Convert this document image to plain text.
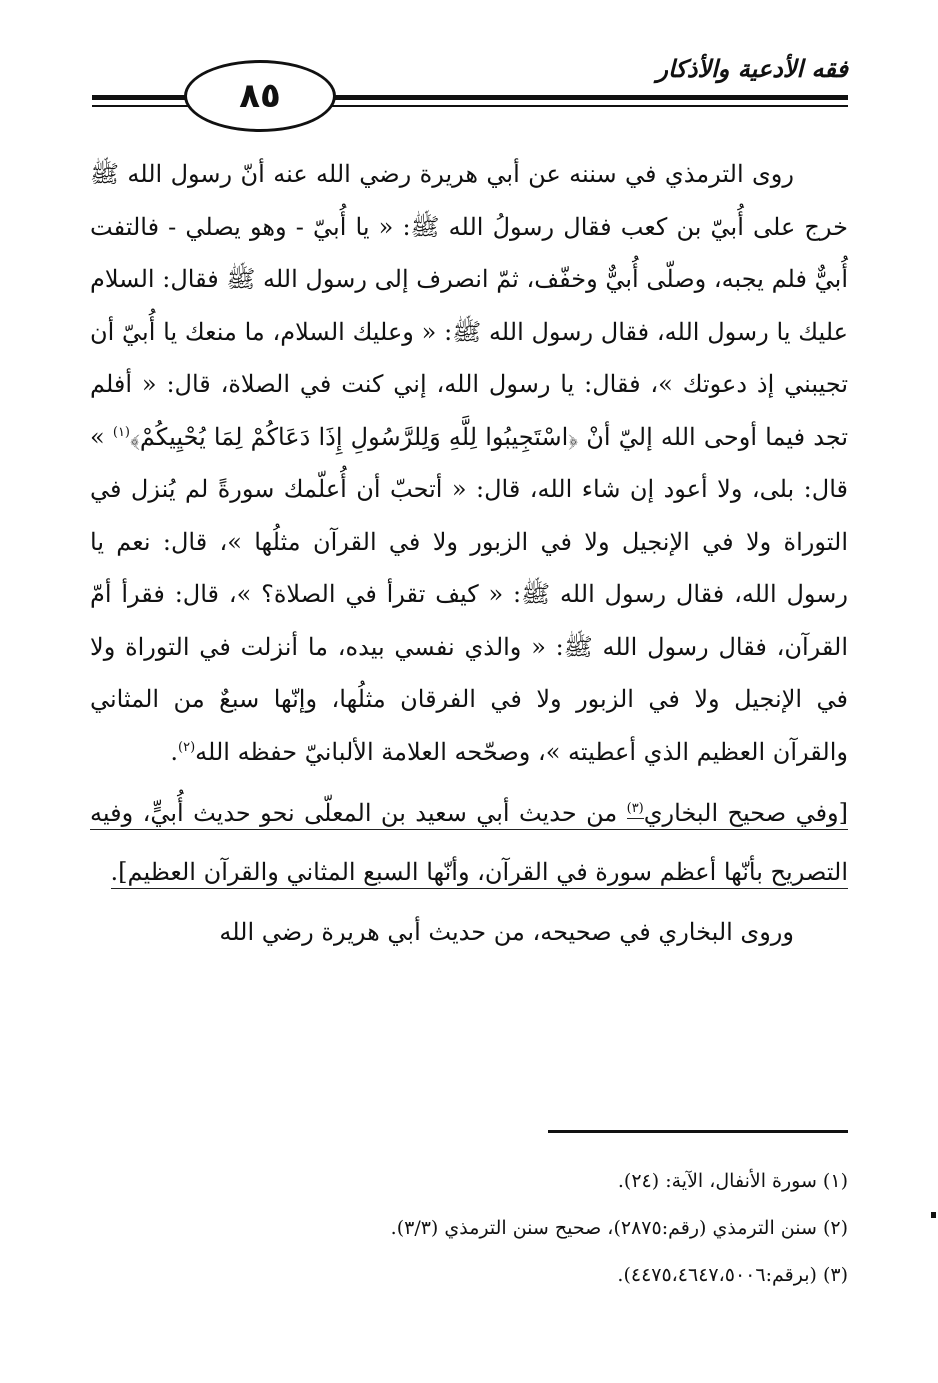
فقه الأدعية والأذكار
٨٥

روى الترمذي في سننه عن أبي هريرة رضي الله عنه أنّ رسول الله ﷺ خرج على أُبيّ بن كعب فقال رسولُ الله ﷺ: « يا أُبيّ - وهو يصلي - فالتفت أُبيٌّ فلم يجبه، وصلّى أُبيٌّ وخفّف، ثمّ انصرف إلى رسول الله ﷺ فقال: السلام عليك يا رسول الله، فقال رسول الله ﷺ: « وعليك السلام، ما منعك يا أُبيّ أن تجيبني إذ دعوتك »، فقال: يا رسول الله، إني كنت في الصلاة، قال: « أفلم تجد فيما أوحى الله إليّ أنْ ﴿اسْتَجِيبُوا لِلَّهِ وَلِلرَّسُولِ إِذَا دَعَاكُمْ لِمَا يُحْيِيكُمْ﴾$^{(١)}$ » قال: بلى، ولا أعود إن شاء الله، قال: « أتحبّ أن أُعلّمك سورةً لم يُنزل في التوراة ولا في الإنجيل ولا في الزبور ولا في القرآن مثلُها »، قال: نعم يا رسول الله، فقال رسول الله ﷺ: « كيف تقرأ في الصلاة؟ »، قال: فقرأ أمّ القرآن، فقال رسول الله ﷺ: « والذي نفسي بيده، ما أنزلت في التوراة ولا في الإنجيل ولا في الزبور ولا في الفرقان مثلُها، وإنّها سبعٌ من المثاني والقرآن العظيم الذي أعطيته »، وصحّحه العلامة الألبانيّ حفظه الله$^{(٢)}$.

[وفي صحيح البخاري$^{(٣)}$ من حديث أبي سعيد بن المعلّى نحو حديث أُبيٍّ، وفيه التصريح بأنّها أعظم سورة في القرآن، وأنّها السبع المثاني والقرآن العظيم].

وروى البخاري في صحيحه، من حديث أبي هريرة رضي الله

(١) سورة الأنفال، الآية: (٢٤).
(٢) سنن الترمذي (رقم:٢٨٧٥)، صحيح سنن الترمذي (٣/٣).
(٣) (برقم:٤٤٧٥،٤٦٤٧،٥٠٠٦).
